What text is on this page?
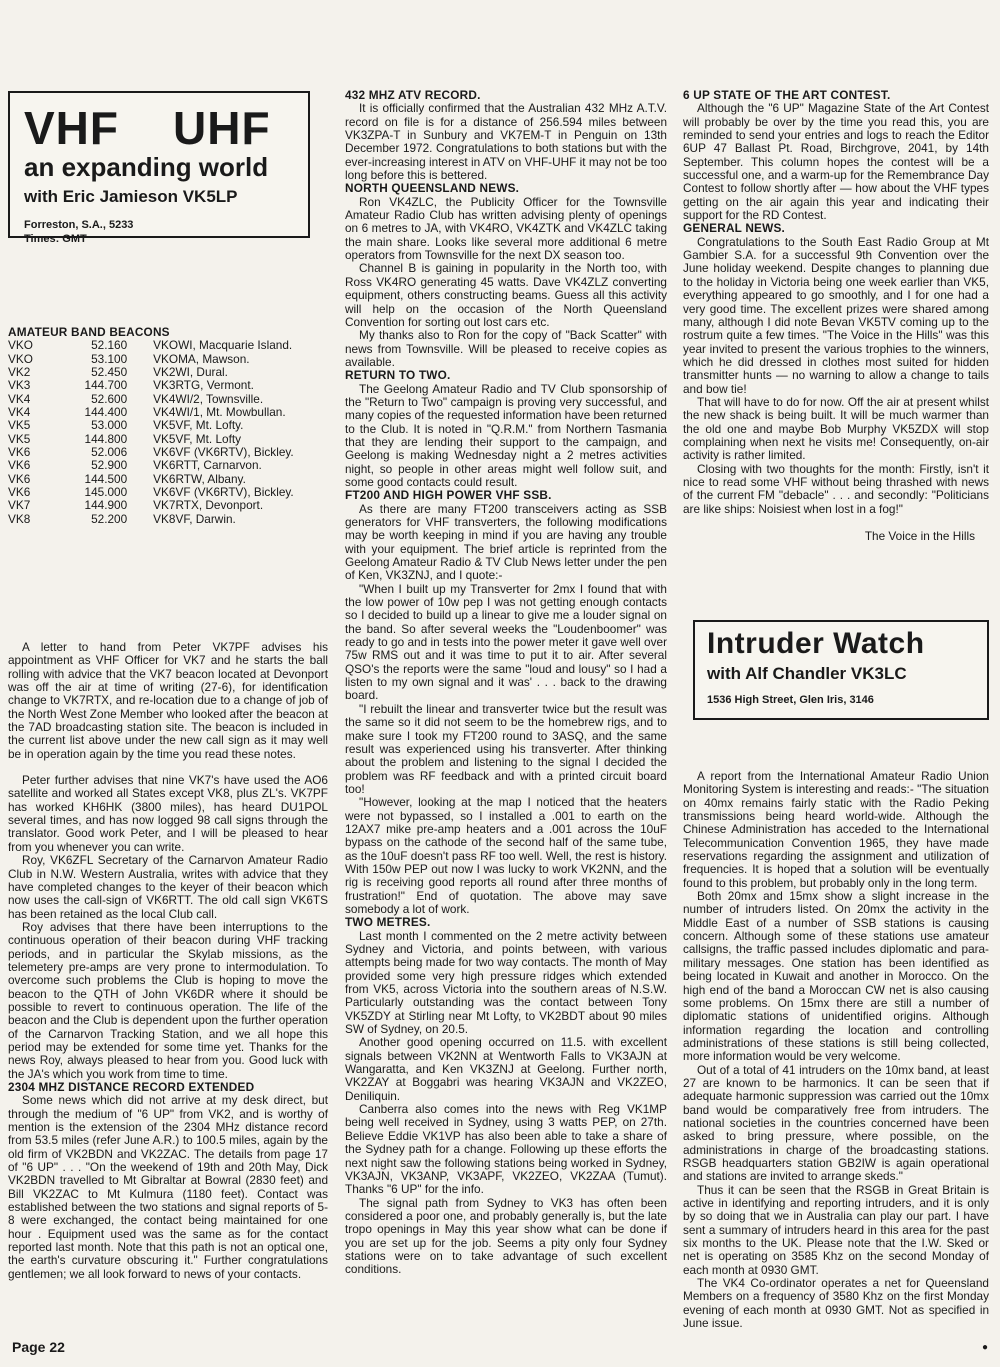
VHF UHF
an expanding world
with Eric Jamieson VK5LP
Forreston, S.A., 5233
Times: GMT
AMATEUR BAND BEACONS
VKO	52.160	VKOWI, Macquarie Island.
VKO	53.100	VKOMA, Mawson.
VK2	52.450	VK2WI, Dural.
VK3	144.700	VK3RTG, Vermont.
VK4	52.600	VK4WI/2, Townsville.
VK4	144.400	VK4WI/1, Mt. Mowbullan.
VK5	53.000	VK5VF, Mt. Lofty.
VK5	144.800	VK5VF, Mt. Lofty
VK6	52.006	VK6VF (VK6RTV), Bickley.
VK6	52.900	VK6RTT, Carnarvon.
VK6	144.500	VK6RTW, Albany.
VK6	145.000	VK6VF (VK6RTV), Bickley.
VK7	144.900	VK7RTX, Devonport.
VK8	52.200	VK8VF, Darwin.

A letter to hand from Peter VK7PF advises his appointment as VHF Officer for VK7 and he starts the ball rolling with advice that the VK7 beacon located at Devonport was off the air at time of writing (27-6), for identification change to VK7RTX, and re-location due to a change of job of the North West Zone Member who looked after the beacon at the 7AD broadcasting station site. The beacon is included in the current list above under the new call sign as it may well be in operation again by the time you read these notes.

Peter further advises that nine VK7's have used the AO6 satellite and worked all States except VK8, plus ZL's. VK7PF has worked KH6HK (3800 miles), has heard DU1POL several times, and has now logged 98 call signs through the translator. Good work Peter, and I will be pleased to hear from you whenever you can write.

Roy, VK6ZFL Secretary of the Carnarvon Amateur Radio Club in N.W. Western Australia, writes with advice that they have completed changes to the keyer of their beacon which now uses the call-sign of VK6RTT. The old call sign VK6TS has been retained as the local Club call.

Roy advises that there have been interruptions to the continuous operation of their beacon during VHF tracking periods, and in particular the Skylab missions, as the telemetery pre-amps are very prone to intermodulation. To overcome such problems the Club is hoping to move the beacon to the QTH of John VK6DR where it should be possible to revert to continuous operation. The life of the beacon and the Club is dependent upon the further operation of the Carnarvon Tracking Station, and we all hope this period may be extended for some time yet. Thanks for the news Roy, always pleased to hear from you. Good luck with the JA's which you work from time to time.

2304 MHZ DISTANCE RECORD EXTENDED

Some news which did not arrive at my desk direct, but through the medium of "6 UP" from VK2, and is worthy of mention is the extension of the 2304 MHz distance record from 53.5 miles (refer June A.R.) to 100.5 miles, again by the old firm of VK2BDN and VK2ZAC. The details from page 17 of "6 UP" . . . "On the weekend of 19th and 20th May, Dick VK2BDN travelled to Mt Gibraltar at Bowral (2830 feet) and Bill VK2ZAC to Mt Kulmura (1180 feet). Contact was established between the two stations and signal reports of 5-8 were exchanged, the contact being maintained for one hour . Equipment used was the same as for the contact reported last month. Note that this path is not an optical one, the earth's curvature obscuring it." Further congratulations gentlemen; we all look forward to news of your contacts.

432 MHZ ATV RECORD.

It is officially confirmed that the Australian 432 MHz A.T.V. record on file is for a distance of 256.594 miles between VK3ZPA-T in Sunbury and VK7EM-T in Penguin on 13th December 1972. Congratulations to both stations but with the ever-increasing interest in ATV on VHF-UHF it may not be too long before this is bettered.

NORTH QUEENSLAND NEWS.

Ron VK4ZLC, the Publicity Officer for the Townsville Amateur Radio Club has written advising plenty of openings on 6 metres to JA, with VK4RO, VK4ZTK and VK4ZLC taking the main share. Looks like several more additional 6 metre operators from Townsville for the next DX season too.

Channel B is gaining in popularity in the North too, with Ross VK4RO generating 45 watts. Dave VK4ZLZ converting equipment, others constructing beams. Guess all this activity will help on the occasion of the North Queensland Convention for sorting out lost cars etc.

My thanks also to Ron for the copy of "Back Scatter" with news from Townsville. Will be pleased to receive copies as available.

RETURN TO TWO.

The Geelong Amateur Radio and TV Club sponsorship of the "Return to Two" campaign is proving very successful, and many copies of the requested information have been returned to the Club. It is noted in "Q.R.M." from Northern Tasmania that they are lending their support to the campaign, and Geelong is making Wednesday night a 2 metres activities night, so people in other areas might well follow suit, and some good contacts could result.

FT200 AND HIGH POWER VHF SSB.

As there are many FT200 transceivers acting as SSB generators for VHF transverters, the following modifications may be worth keeping in mind if you are having any trouble with your equipment. The brief article is reprinted from the Geelong Amateur Radio & TV Club News letter under the pen of Ken, VK3ZNJ, and I quote:-

"When I built up my Transverter for 2mx I found that with the low power of 10w pep I was not getting enough contacts so I decided to build up a linear to give me a louder signal on the band. So after several weeks the "Loudenboomer" was ready to go and in tests into the power meter it gave well over 75w RMS out and it was time to put it to air. After several QSO's the reports were the same "loud and lousy" so I had a listen to my own signal and it was' . . . back to the drawing board.

"I rebuilt the linear and transverter twice but the result was the same so it did not seem to be the homebrew rigs, and to make sure I took my FT200 round to 3ASQ, and the same result was experienced using his transverter. After thinking about the problem and listening to the signal I decided the problem was RF feedback and with a printed circuit board too!

"However, looking at the map I noticed that the heaters were not bypassed, so I installed a .001 to earth on the 12AX7 mike pre-amp heaters and a .001 across the 10uF bypass on the cathode of the second half of the same tube, as the 10uF doesn't pass RF too well. Well, the rest is history. With 150w PEP out now I was lucky to work VK2NN, and the rig is receiving good reports all round after three months of frustration!" End of quotation. The above may save somebody a lot of work.

TWO METRES.

Last month I commented on the 2 metre activity between Sydney and Victoria, and points between, with various attempts being made for two way contacts. The month of May provided some very high pressure ridges which extended from VK5, across Victoria into the southern areas of N.S.W. Particularly outstanding was the contact between Tony VK5ZDY at Stirling near Mt Lofty, to VK2BDT about 90 miles SW of Sydney, on 20.5.

Another good opening occurred on 11.5. with excellent signals between VK2NN at Wentworth Falls to VK3AJN at Wangaratta, and Ken VK3ZNJ at Geelong. Further north, VK2ZAY at Boggabri was hearing VK3AJN and VK2ZEO, Deniliquin.

Canberra also comes into the news with Reg VK1MP being well received in Sydney, using 3 watts PEP, on 27th. Believe Eddie VK1VP has also been able to take a share of the Sydney path for a change. Following up these efforts the next night saw the following stations being worked in Sydney, VK3AJN, VK3ANP, VK3APF, VK2ZEO, VK2ZAA (Tumut). Thanks "6 UP" for the info.

The signal path from Sydney to VK3 has often been considered a poor one, and probably generally is, but the late tropo openings in May this year show what can be done if you are set up for the job. Seems a pity only four Sydney stations were on to take advantage of such excellent conditions.

6 UP STATE OF THE ART CONTEST.

Although the "6 UP" Magazine State of the Art Contest will probably be over by the time you read this, you are reminded to send your entries and logs to reach the Editor 6UP 47 Ballast Pt. Road, Birchgrove, 2041, by 14th September. This column hopes the contest will be a successful one, and a warm-up for the Remembrance Day Contest to follow shortly after — how about the VHF types getting on the air again this year and indicating their support for the RD Contest.

GENERAL NEWS.

Congratulations to the South East Radio Group at Mt Gambier S.A. for a successful 9th Convention over the June holiday weekend. Despite changes to planning due to the holiday in Victoria being one week earlier than VK5, everything appeared to go smoothly, and I for one had a very good time. The excellent prizes were shared among many, although I did note Bevan VK5TV coming up to the rostrum quite a few times. "The Voice in the Hills" was this year invited to present the various trophies to the winners, which he did dressed in clothes most suited for hidden transmitter hunts — no warning to allow a change to tails and bow tie!

That will have to do for now. Off the air at present whilst the new shack is being built. It will be much warmer than the old one and maybe Bob Murphy VK5ZDX will stop complaining when next he visits me! Consequently, on-air activity is rather limited.

Closing with two thoughts for the month: Firstly, isn't it nice to read some VHF without being thrashed with news of the current FM "debacle" . . . and secondly: "Politicians are like ships: Noisiest when lost in a fog!"

The Voice in the Hills
Intruder Watch
with Alf Chandler VK3LC
1536 High Street, Glen Iris, 3146

A report from the International Amateur Radio Union Monitoring System is interesting and reads:- "The situation on 40mx remains fairly static with the Radio Peking transmissions being heard world-wide. Although the Chinese Administration has acceded to the International Telecommunication Convention 1965, they have made reservations regarding the assignment and utilization of frequencies. It is hoped that a solution will be eventually found to this problem, but probably only in the long term.

Both 20mx and 15mx show a slight increase in the number of intruders listed. On 20mx the activity in the Middle East of a number of SSB stations is causing concern. Although some of these stations use amateur callsigns, the traffic passed includes diplomatic and para-military messages. One station has been identified as being located in Kuwait and another in Morocco. On the high end of the band a Moroccan CW net is also causing some problems. On 15mx there are still a number of diplomatic stations of unidentified origins. Although information regarding the location and controlling administrations of these stations is still being collected, more information would be very welcome.

Out of a total of 41 intruders on the 10mx band, at least 27 are known to be harmonics. It can be seen that if adequate harmonic suppression was carried out the 10mx band would be comparatively free from intruders. The national societies in the countries concerned have been asked to bring pressure, where possible, on the administrations in charge of the broadcasting stations. RSGB headquarters station GB2IW is again operational and stations are invited to arrange skeds."

Thus it can be seen that the RSGB in Great Britain is active in identifying and reporting intruders, and it is only by so doing that we in Australia can play our part. I have sent a summary of intruders heard in this area for the past six months to the UK. Please note that the I.W. Sked or net is operating on 3585 Khz on the second Monday of each month at 0930 GMT.

The VK4 Co-ordinator operates a net for Queensland Members on a frequency of 3580 Khz on the first Monday evening of each month at 0930 GMT. Not as specified in June issue.

Page 22	●
